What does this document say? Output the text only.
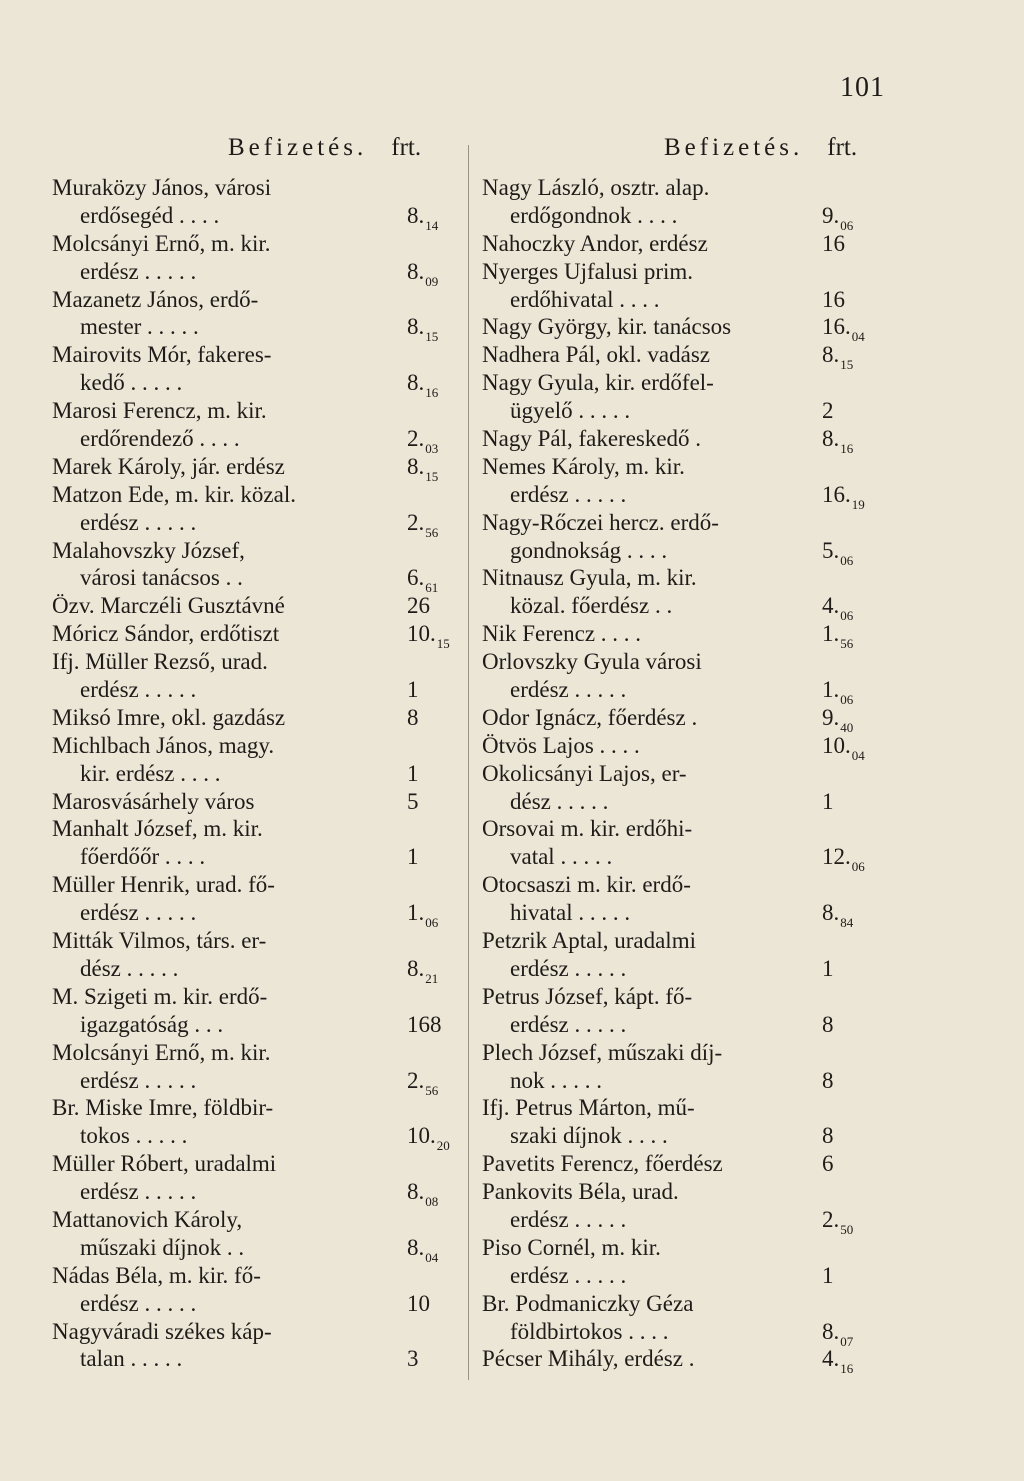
101
Befizetés. frt.	Befizetés. frt.
Muraközy János, városi
erdősegéd . . . .	$8._{14}$
Molcsányi Ernő, m. kir.
erdész . . . . .	$8._{09}$
Mazanetz János, erdő-
mester . . . . .	$8._{15}$
Mairovits Mór, fakeres-
kedő . . . . .	$8._{16}$
Marosi Ferencz, m. kir.
erdőrendező . . . .	$2._{03}$
Marek Károly, jár. erdész	$8._{15}$
Matzon Ede, m. kir. közal.
erdész . . . . .	$2._{56}$
Malahovszky József,
városi tanácsos . .	$6._{61}$
Özv. Marczéli Gusztávné	26
Móricz Sándor, erdőtiszt	$10._{15}$
Ifj. Müller Rezső, urad.
erdész . . . . .	1
Miksó Imre, okl. gazdász	8
Michlbach János, magy.
kir. erdész . . . .	1
Marosvásárhely város	5
Manhalt József, m. kir.
főerdőőr . . . .	1
Müller Henrik, urad. fő-
erdész . . . . .	$1._{06}$
Mitták Vilmos, társ. er-
dész . . . . .	$8._{21}$
M. Szigeti m. kir. erdő-
igazgatóság . . .	168
Molcsányi Ernő, m. kir.
erdész . . . . .	$2._{56}$
Br. Miske Imre, földbir-
tokos . . . . .	$10._{20}$
Müller Róbert, uradalmi
erdész . . . . .	$8._{08}$
Mattanovich Károly,
műszaki díjnok . .	$8._{04}$
Nádas Béla, m. kir. fő-
erdész . . . . .	10
Nagyváradi székes káp-
talan . . . . .	3
Nagy László, osztr. alap.
erdőgondnok . . . .	$9._{06}$
Nahoczky Andor, erdész	16
Nyerges Ujfalusi prim.
erdőhivatal . . . .	16
Nagy György, kir. tanácsos	$16._{04}$
Nadhera Pál, okl. vadász	$8._{15}$
Nagy Gyula, kir. erdőfel-
ügyelő . . . . .	2
Nagy Pál, fakereskedő .	$8._{16}$
Nemes Károly, m. kir.
erdész . . . . .	$16._{19}$
Nagy-Rőczei hercz. erdő-
gondnokság . . . .	$5._{06}$
Nitnausz Gyula, m. kir.
közal. főerdész . .	$4._{06}$
Nik Ferencz . . . .	$1._{56}$
Orlovszky Gyula városi
erdész . . . . .	$1._{06}$
Odor Ignácz, főerdész .	$9._{40}$
Ötvös Lajos . . . .	$10._{04}$
Okolicsányi Lajos, er-
dész . . . . .	1
Orsovai m. kir. erdőhi-
vatal . . . . .	$12._{06}$
Otocsaszi m. kir. erdő-
hivatal . . . . .	$8._{84}$
Petzrik Aptal, uradalmi
erdész . . . . .	1
Petrus József, kápt. fő-
erdész . . . . .	8
Plech József, műszaki díj-
nok . . . . .	8
Ifj. Petrus Márton, mű-
szaki díjnok . . . .	8
Pavetits Ferencz, főerdész	6
Pankovits Béla, urad.
erdész . . . . .	$2._{50}$
Piso Cornél, m. kir.
erdész . . . . .	1
Br. Podmaniczky Géza
földbirtokos . . . .	$8._{07}$
Pécser Mihály, erdész .	$4._{16}$
